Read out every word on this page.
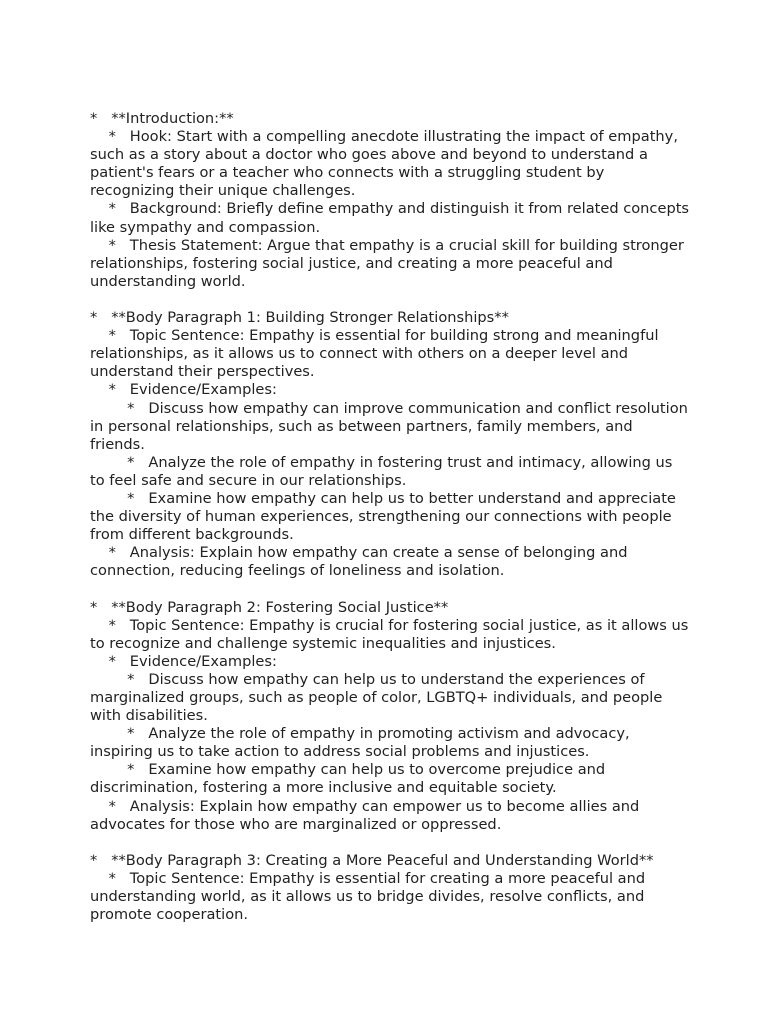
*   **Introduction:**

*   Hook: Start with a compelling anecdote illustrating the impact of empathy, such as a story about a doctor who goes above and beyond to understand a patient's fears or a teacher who connects with a struggling student by recognizing their unique challenges.

*   Background: Briefly define empathy and distinguish it from related concepts like sympathy and compassion.

*   Thesis Statement: Argue that empathy is a crucial skill for building stronger relationships, fostering social justice, and creating a more peaceful and understanding world.

*   **Body Paragraph 1: Building Stronger Relationships**

*   Topic Sentence: Empathy is essential for building strong and meaningful relationships, as it allows us to connect with others on a deeper level and understand their perspectives.

*   Evidence/Examples:

*   Discuss how empathy can improve communication and conflict resolution in personal relationships, such as between partners, family members, and friends.

*   Analyze the role of empathy in fostering trust and intimacy, allowing us to feel safe and secure in our relationships.

*   Examine how empathy can help us to better understand and appreciate the diversity of human experiences, strengthening our connections with people from different backgrounds.

*   Analysis: Explain how empathy can create a sense of belonging and connection, reducing feelings of loneliness and isolation.

*   **Body Paragraph 2: Fostering Social Justice**

*   Topic Sentence: Empathy is crucial for fostering social justice, as it allows us to recognize and challenge systemic inequalities and injustices.

*   Evidence/Examples:

*   Discuss how empathy can help us to understand the experiences of marginalized groups, such as people of color, LGBTQ+ individuals, and people with disabilities.

*   Analyze the role of empathy in promoting activism and advocacy, inspiring us to take action to address social problems and injustices.

*   Examine how empathy can help us to overcome prejudice and discrimination, fostering a more inclusive and equitable society.

*   Analysis: Explain how empathy can empower us to become allies and advocates for those who are marginalized or oppressed.

*   **Body Paragraph 3: Creating a More Peaceful and Understanding World**

*   Topic Sentence: Empathy is essential for creating a more peaceful and understanding world, as it allows us to bridge divides, resolve conflicts, and promote cooperation.
